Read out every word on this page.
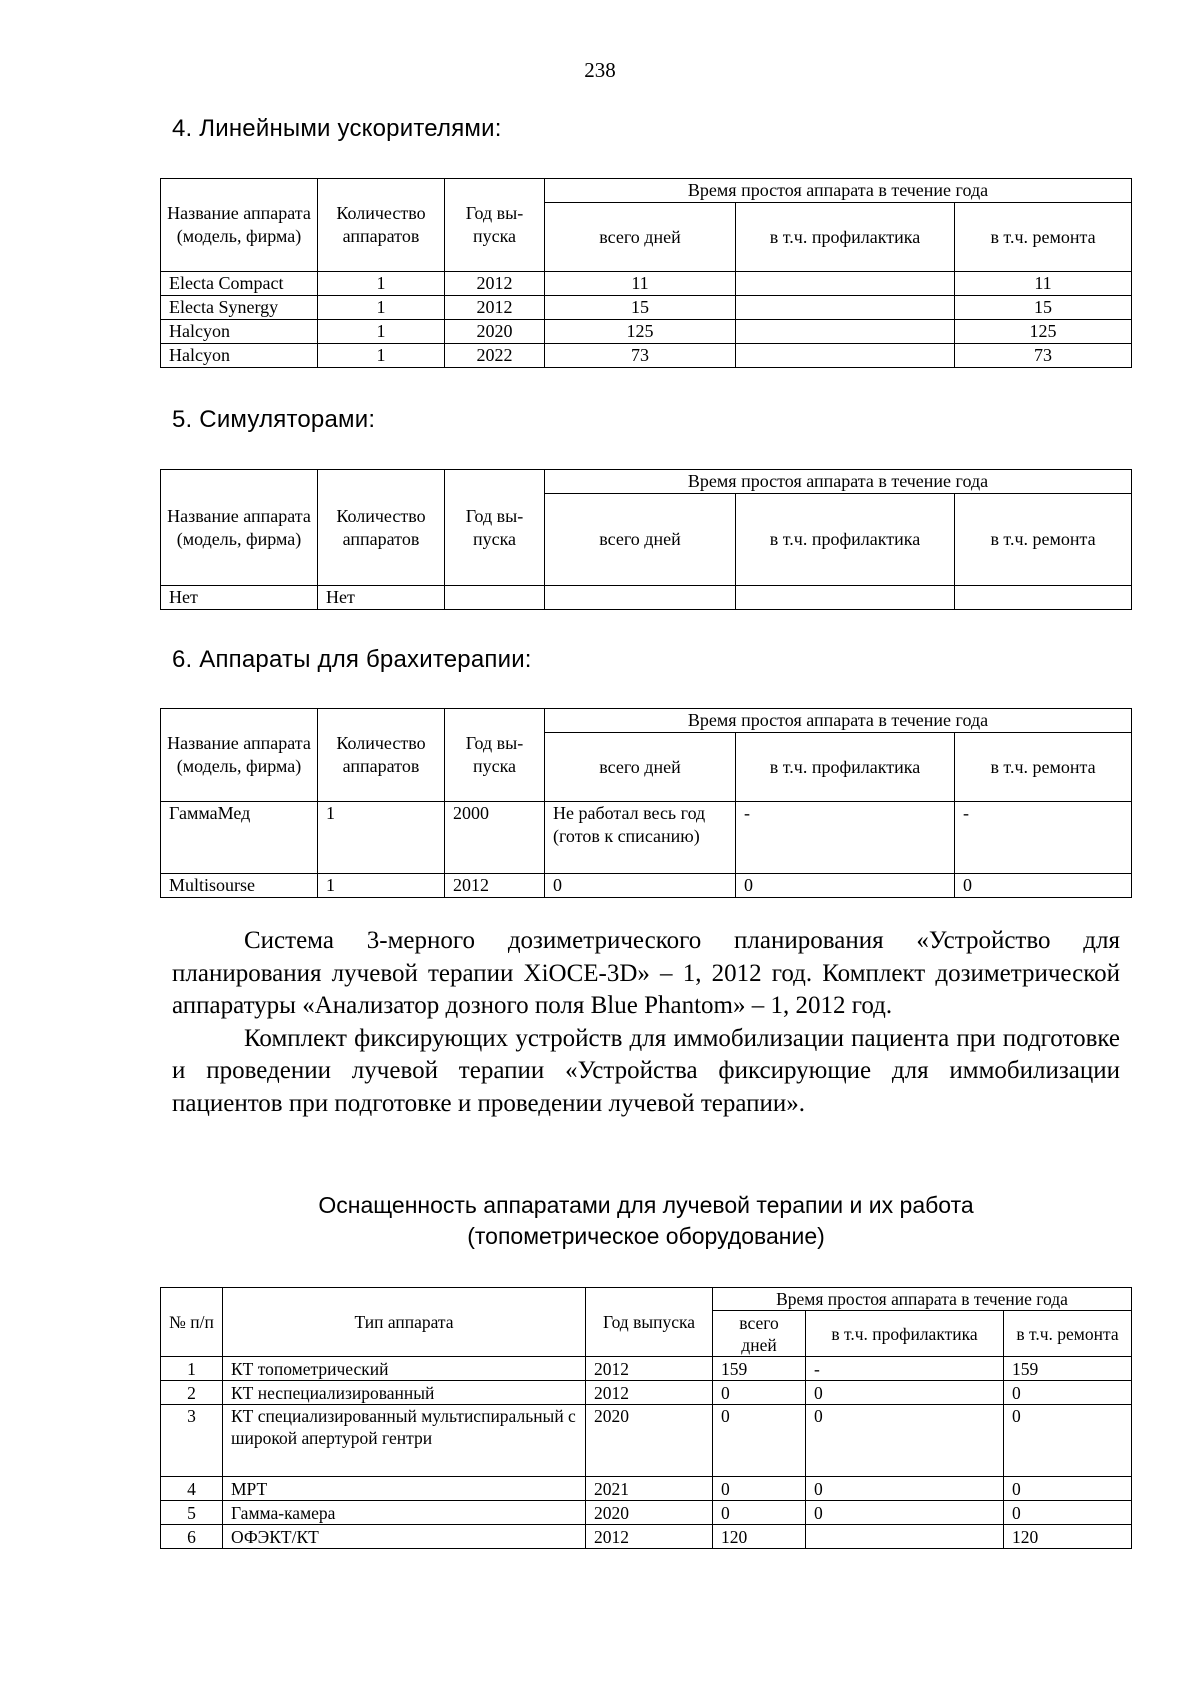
238
4. Линейными ускорителями:
Название аппарата (модель, фирма)	Количество аппаратов	Год вы-пуска	Время простоя аппарата в течение года		
			всего дней	в т.ч. профилактика	в т.ч. ремонта
Electa Compact	1	2012	11		11
Electa Synergy	1	2012	15		15
Halcyon	1	2020	125		125
Halcyon	1	2022	73		73
5. Симуляторами:
Название аппарата (модель, фирма)	Количество аппаратов	Год вы-пуска	Время простоя аппарата в течение года		
			всего дней	в т.ч. профилактика	в т.ч. ремонта
Нет	Нет				
6. Аппараты для брахитерапии:
Название аппарата (модель, фирма)	Количество аппаратов	Год вы-пуска	Время простоя аппарата в течение года		
			всего дней	в т.ч. профилактика	в т.ч. ремонта
ГаммаМед	1	2000	Не работал весь год (готов к списанию)	-	-
Multisourse	1	2012	0	0	0

Система 3-мерного дозиметрического планирования «Устройство для планирования лучевой терапии XiOCE-3D» – 1, 2012 год. Комплект дозиметрической аппаратуры «Анализатор дозного поля Blue Phantom» – 1, 2012 год.

Комплект фиксирующих устройств для иммобилизации пациента при подготовке и проведении лучевой терапии «Устройства фиксирующие для иммобилизации пациентов при подготовке и проведении лучевой терапии».

Оснащенность аппаратами для лучевой терапии и их работа
(топометрическое оборудование)
№ п/п	Тип аппарата	Год выпуска	Время простоя аппарата в течение года		
			всего дней	в т.ч. профилактика	в т.ч. ремонта
1	КТ топометрический	2012	159	-	159
2	КТ неспециализированный	2012	0	0	0
3	КТ специализированный мультиспиральный с широкой апертурой гентри	2020	0	0	0
4	МРТ	2021	0	0	0
5	Гамма-камера	2020	0	0	0
6	ОФЭКТ/КТ	2012	120		120
